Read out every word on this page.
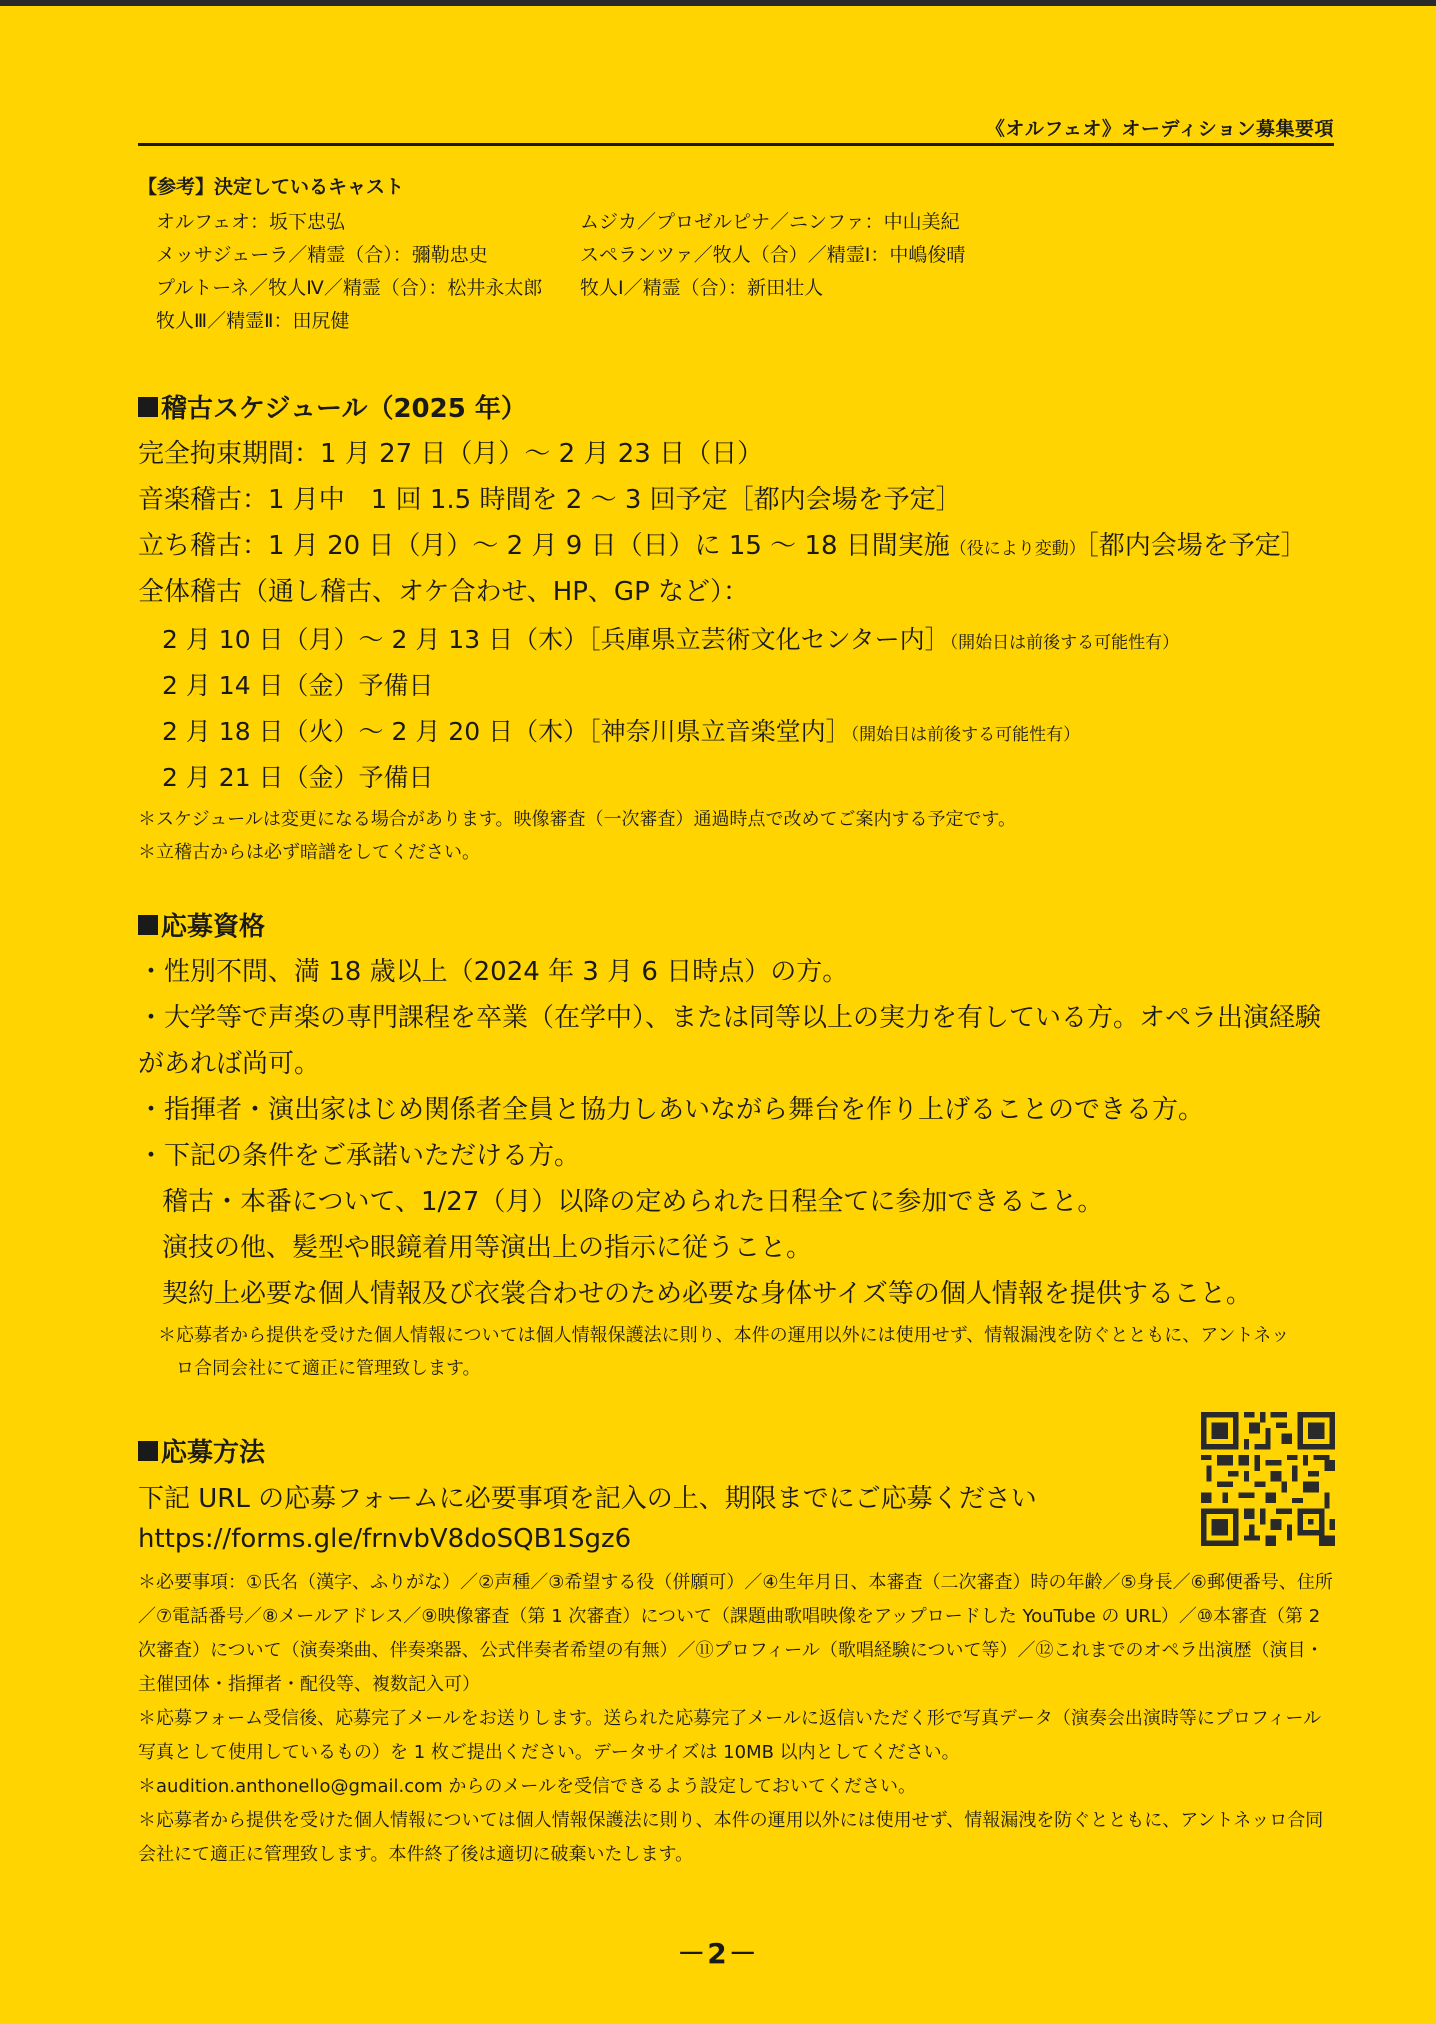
《オルフェオ》オーディション募集要項
【参考】決定しているキャスト
オルフェオ：坂下忠弘
メッサジェーラ／精霊（合）：彌勒忠史
プルトーネ／牧人Ⅳ／精霊（合）：松井永太郎
牧人Ⅲ／精霊Ⅱ：田尻健
ムジカ／プロゼルピナ／ニンファ：中山美紀
スペランツァ／牧人（合）／精霊Ⅰ：中嶋俊晴
牧人Ⅰ／精霊（合）：新田壮人
稽古スケジュール（2025 年）
完全拘束期間：1 月 27 日（月）～ 2 月 23 日（日）
音楽稽古：1 月中　1 回 1.5 時間を 2 ～ 3 回予定［都内会場を予定］
立ち稽古：1 月 20 日（月）～ 2 月 9 日（日）に 15 ～ 18 日間実施（役により変動）［都内会場を予定］
全体稽古（通し稽古、オケ合わせ、HP、GP など）：
2 月 10 日（月）～ 2 月 13 日（木）［兵庫県立芸術文化センター内］（開始日は前後する可能性有）
2 月 14 日（金）予備日
2 月 18 日（火）～ 2 月 20 日（木）［神奈川県立音楽堂内］（開始日は前後する可能性有）
2 月 21 日（金）予備日
＊スケジュールは変更になる場合があります。映像審査（一次審査）通過時点で改めてご案内する予定です。
＊立稽古からは必ず暗譜をしてください。
応募資格
・性別不問、満 18 歳以上（2024 年 3 月 6 日時点）の方。
・大学等で声楽の専門課程を卒業（在学中）、または同等以上の実力を有している方。オペラ出演経験
があれば尚可。
・指揮者・演出家はじめ関係者全員と協力しあいながら舞台を作り上げることのできる方。
・下記の条件をご承諾いただける方。
稽古・本番について、1/27（月）以降の定められた日程全てに参加できること。
演技の他、髪型や眼鏡着用等演出上の指示に従うこと。
契約上必要な個人情報及び衣裳合わせのため必要な身体サイズ等の個人情報を提供すること。
＊応募者から提供を受けた個人情報については個人情報保護法に則り、本件の運用以外には使用せず、情報漏洩を防ぐとともに、アントネッ
ロ合同会社にて適正に管理致します。
応募方法
下記 URL の応募フォームに必要事項を記入の上、期限までにご応募ください
https://forms.gle/frnvbV8doSQB1Sgz6

＊必要事項：①氏名（漢字、ふりがな）／②声種／③希望する役（併願可）／④生年月日、本審査（二次審査）時の年齢／⑤身長／⑥郵便番号、住所／⑦電話番号／⑧メールアドレス／⑨映像審査（第 1 次審査）について（課題曲歌唱映像をアップロードした YouTube の URL）／⑩本審査（第 2 次審査）について（演奏楽曲、伴奏楽器、公式伴奏者希望の有無）／⑪プロフィール（歌唱経験について等）／⑫これまでのオペラ出演歴（演目・主催団体・指揮者・配役等、複数記入可）

＊応募フォーム受信後、応募完了メールをお送りします。送られた応募完了メールに返信いただく形で写真データ（演奏会出演時等にプロフィール写真として使用しているもの）を 1 枚ご提出ください。データサイズは 10MB 以内としてください。

＊audition.anthonello@gmail.com からのメールを受信できるよう設定しておいてください。

＊応募者から提供を受けた個人情報については個人情報保護法に則り、本件の運用以外には使用せず、情報漏洩を防ぐとともに、アントネッロ合同会社にて適正に管理致します。本件終了後は適切に破棄いたします。

－2－
